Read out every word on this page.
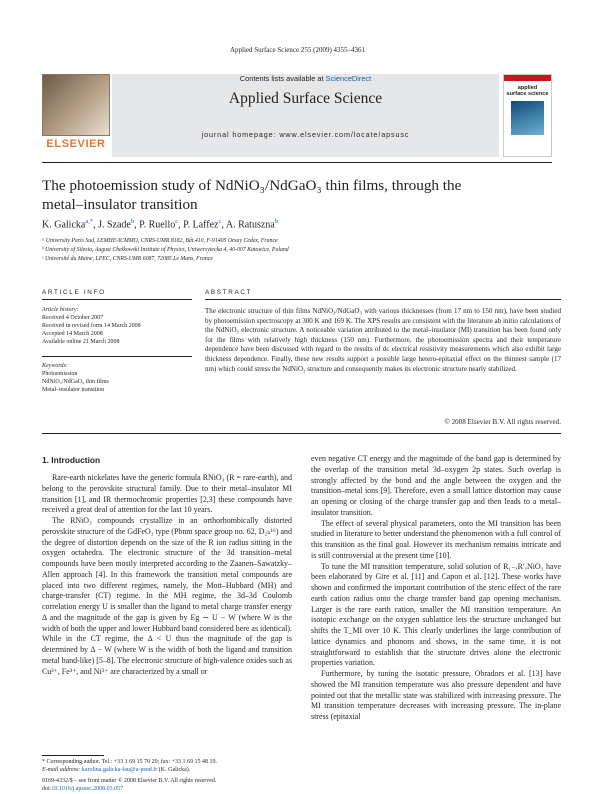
Applied Surface Science 255 (2009) 4355–4361
ELSEVIER
Contents lists available at ScienceDirect
Applied Surface Science
journal homepage: www.elsevier.com/locate/apsusc
applied
surface science
The photoemission study of NdNiO₃/NdGaO₃ thin films, through the
metal–insulator transition
K. Galicka$^{a,*}$, J. Szade$^b$, P. Ruello$^c$, P. Laffez$^c$, A. Ratuszna$^b$
ᵃ University Paris Sud, LEMHE-ICMMO, CNRS-UMR 8182, Bât.410, F-91405 Orsay Cedex, France
ᵇ University of Silesia, August Chełkowski Institute of Physics, Uniwersytecka 4, 40-007 Katowice, Poland
ᶜ Université du Maine, LPEC, CNRS-UMR 6087, 72085 Le Mans, France
ARTICLE INFO	ABSTRACT
Article history:
Received 4 October 2007
Received in revised form 14 March 2008
Accepted 14 March 2008
Available online 21 March 2008
Keywords:
Photoemission
NdNiO₃/NdGaO₃ thin films
Metal–insulator transition
The electronic structure of thin films NdNiO₃/NdGaO₃ with various thicknesses (from 17 nm to 150 nm), have been studied by photoemission spectroscopy at 300 K and 169 K. The XPS results are consistent with the literature ab initio calculations of the NdNiO₃ electronic structure. A noticeable variation attributed to the metal–insulator (MI) transition has been found only for the films with relatively high thickness (150 nm). Furthermore, the photoemission spectra and their temperature dependence have been discussed with regard to the results of dc electrical resistivity measurements which also exhibit large thickness dependence. Finally, these new results support a possible large hetero-epitaxial effect on the thinnest sample (17 nm) which could stress the NdNiO₃ structure and consequently makes its electronic structure nearly stabilized.
© 2008 Elsevier B.V. All rights reserved.
1. Introduction

Rare-earth nickelates have the generic formula RNiO₃ (R = rare-earth), and belong to the perovskite structural family. Due to their metal–insulator MI transition [1], and IR thermochromic properties [2,3] these compounds have received a great deal of attention for the last 10 years.

The RNiO₃ compounds crystallize in an orthorhombically distorted perovskite structure of the GdFeO₃ type (Pbnm space group no. 62, D₂ₕ¹⁶) and the degree of distortion depends on the size of the R ion radius sitting in the oxygen octahedra. The electronic structure of the 3d transition–metal compounds have been mostly interpreted according to the Zaanen–Sawatzky–Allen approach [4]. In this framework the transition metal compounds are placed into two different regimes, namely, the Mott–Hubbard (MH) and charge-transfer (CT) regime. In the MH regime, the 3d–3d Coulomb correlation energy U is smaller than the ligand to metal charge transfer energy Δ and the magnitude of the gap is given by Eg ∼ U − W (where W is the width of both the upper and lower Hubbard band considered here as identical). While in the CT regime, the Δ < U thus the magnitude of the gap is determined by Δ − W (where W is the width of both the ligand and transition metal band-like) [5–8]. The electronic structure of high-valence oxides such as Cu³⁺, Fe³⁺, and Ni³⁺ are characterized by a small or

even negative CT energy and the magnitude of the band gap is determined by the overlap of the transition metal 3d–oxygen 2p states. Such overlap is strongly affected by the bond and the angle between the oxygen and the transition–metal ions [9]. Therefore, even a small lattice distortion may cause an opening or closing of the charge transfer gap and then leads to a metal–insulator transition.

The effect of several physical parameters, onto the MI transition has been studied in literature to better understand the phenomenon with a full control of this transition as the final goal. However its mechanism remains intricate and is still controversial at the present time [10].

To tune the MI transition temperature, solid solution of R₁₋ₓR′ₓNiO₃ have been elaborated by Gire et al. [11] and Capon et al. [12]. These works have shown and confirmed the important contribution of the steric effect of the rare earth cation radius onto the charge transfer band gap opening mechanism. Larger is the rare earth cation, smaller the MI transition temperature. An isotopic exchange on the oxygen sublattice lets the structure unchanged but shifts the T_MI over 10 K. This clearly underlines the large contribution of lattice dynamics and phonons and shows, in the same time, it is not straightforward to establish that the structure drives alone the electronic properties variation.

Furthermore, by tuning the isotatic pressure, Obradors et al. [13] have showed the MI transition temperature was also pressure dependent and have pointed out that the metallic state was stabilized with increasing pressure. The MI transition temperature decreases with increasing pressure. The in-plane stress (epitaxial

* Corresponding author. Tel.: +33 1 69 15 70 20; fax: +33 1 69 15 48 19.
E-mail address: karolina.galicka-fau@u-psud.fr (K. Galicka).
0169-4332/$ – see front matter © 2008 Elsevier B.V. All rights reserved.
doi:10.1016/j.apsusc.2008.03.057
